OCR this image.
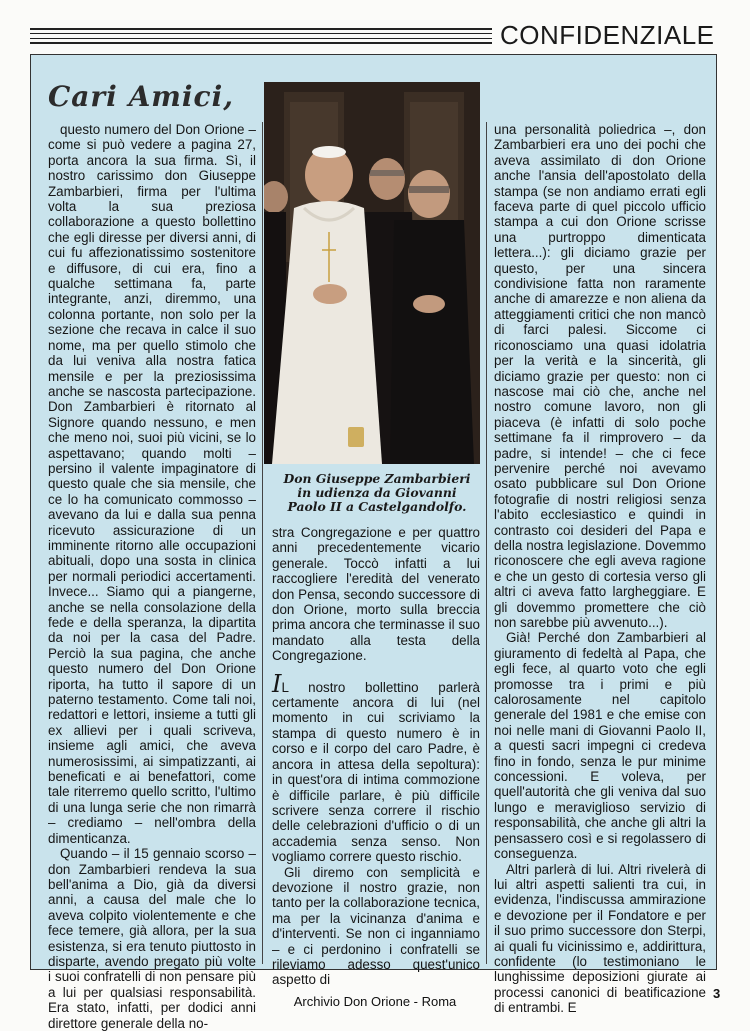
CONFIDENZIALE
Cari Amici,
Don Giuseppe Zambarbieri
in udienza da Giovanni
Paolo II a Castelgandolfo.

questo numero del Don Orione – come si può vedere a pagina 27, porta ancora la sua firma. Sì, il nostro carissimo don Giuseppe Zambarbieri, firma per l'ultima volta la sua preziosa collaborazione a questo bollettino che egli diresse per diversi anni, di cui fu affezionatissimo sostenitore e diffusore, di cui era, fino a qualche settimana fa, parte integrante, anzi, diremmo, una colonna portante, non solo per la sezione che recava in calce il suo nome, ma per quello stimolo che da lui veniva alla nostra fatica mensile e per la preziosissima anche se nascosta partecipazione. Don Zambarbieri è ritornato al Signore quando nessuno, e men che meno noi, suoi più vicini, se lo aspettavano; quando molti – persino il valente impaginatore di questo quale che sia mensile, che ce lo ha comunicato commosso – avevano da lui e dalla sua penna ricevuto assicurazione di un imminente ritorno alle occupazioni abituali, dopo una sosta in clinica per normali periodici accertamenti. Invece... Siamo qui a piangerne, anche se nella consolazione della fede e della speranza, la dipartita da noi per la casa del Padre. Perciò la sua pagina, che anche questo numero del Don Orione riporta, ha tutto il sapore di un paterno testamento. Come tali noi, redattori e lettori, insieme a tutti gli ex allievi per i quali scriveva, insieme agli amici, che aveva numerosissimi, ai simpatizzanti, ai beneficati e ai benefattori, come tale riterremo quello scritto, l'ultimo di una lunga serie che non rimarrà – crediamo – nell'ombra della dimenticanza.

Quando – il 15 gennaio scorso – don Zambarbieri rendeva la sua bell'anima a Dio, già da diversi anni, a causa del male che lo aveva colpito violentemente e che fece temere, già allora, per la sua esistenza, si era tenuto piuttosto in disparte, avendo pregato più volte i suoi confratelli di non pensare più a lui per qualsiasi responsabilità. Era stato, infatti, per dodici anni direttore generale della no-

stra Congregazione e per quattro anni precedentemente vicario generale. Toccò infatti a lui raccogliere l'eredità del venerato don Pensa, secondo successore di don Orione, morto sulla breccia prima ancora che terminasse il suo mandato alla testa della Congregazione.

IL nostro bollettino parlerà certamente ancora di lui (nel momento in cui scriviamo la stampa di questo numero è in corso e il corpo del caro Padre, è ancora in attesa della sepoltura): in quest'ora di intima commozione è difficile parlare, è più difficile scrivere senza correre il rischio delle celebrazioni d'ufficio o di un accademia senza senso. Non vogliamo correre questo rischio.

Gli diremo con semplicità e devozione il nostro grazie, non tanto per la collaborazione tecnica, ma per la vicinanza d'anima e d'interventi. Se non ci inganniamo – e ci perdonino i confratelli se rileviamo adesso quest'unico aspetto di

una personalità poliedrica –, don Zambarbieri era uno dei pochi che aveva assimilato di don Orione anche l'ansia dell'apostolato della stampa (se non andiamo errati egli faceva parte di quel piccolo ufficio stampa a cui don Orione scrisse una purtroppo dimenticata lettera...): gli diciamo grazie per questo, per una sincera condivisione fatta non raramente anche di amarezze e non aliena da atteggiamenti critici che non mancò di farci palesi. Siccome ci riconosciamo una quasi idolatria per la verità e la sincerità, gli diciamo grazie per questo: non ci nascose mai ciò che, anche nel nostro comune lavoro, non gli piaceva (è infatti di solo poche settimane fa il rimprovero – da padre, si intende! – che ci fece pervenire perché noi avevamo osato pubblicare sul Don Orione fotografie di nostri religiosi senza l'abito ecclesiastico e quindi in contrasto coi desideri del Papa e della nostra legislazione. Dovemmo riconoscere che egli aveva ragione e che un gesto di cortesia verso gli altri ci aveva fatto largheggiare. E gli dovemmo promettere che ciò non sarebbe più avvenuto...).

Già! Perché don Zambarbieri al giuramento di fedeltà al Papa, che egli fece, al quarto voto che egli promosse tra i primi e più calorosamente nel capitolo generale del 1981 e che emise con noi nelle mani di Giovanni Paolo II, a questi sacri impegni ci credeva fino in fondo, senza le pur minime concessioni. E voleva, per quell'autorità che gli veniva dal suo lungo e meraviglioso servizio di responsabilità, che anche gli altri la pensassero così e si regolassero di conseguenza.

Altri parlerà di lui. Altri rivelerà di lui altri aspetti salienti tra cui, in evidenza, l'indiscussa ammirazione e devozione per il Fondatore e per il suo primo successore don Sterpi, ai quali fu vicinissimo e, addirittura, confidente (lo testimoniano le lunghissime deposizioni giurate ai processi canonici di beatificazione di entrambi. E

Archivio Don Orione - Roma
3
